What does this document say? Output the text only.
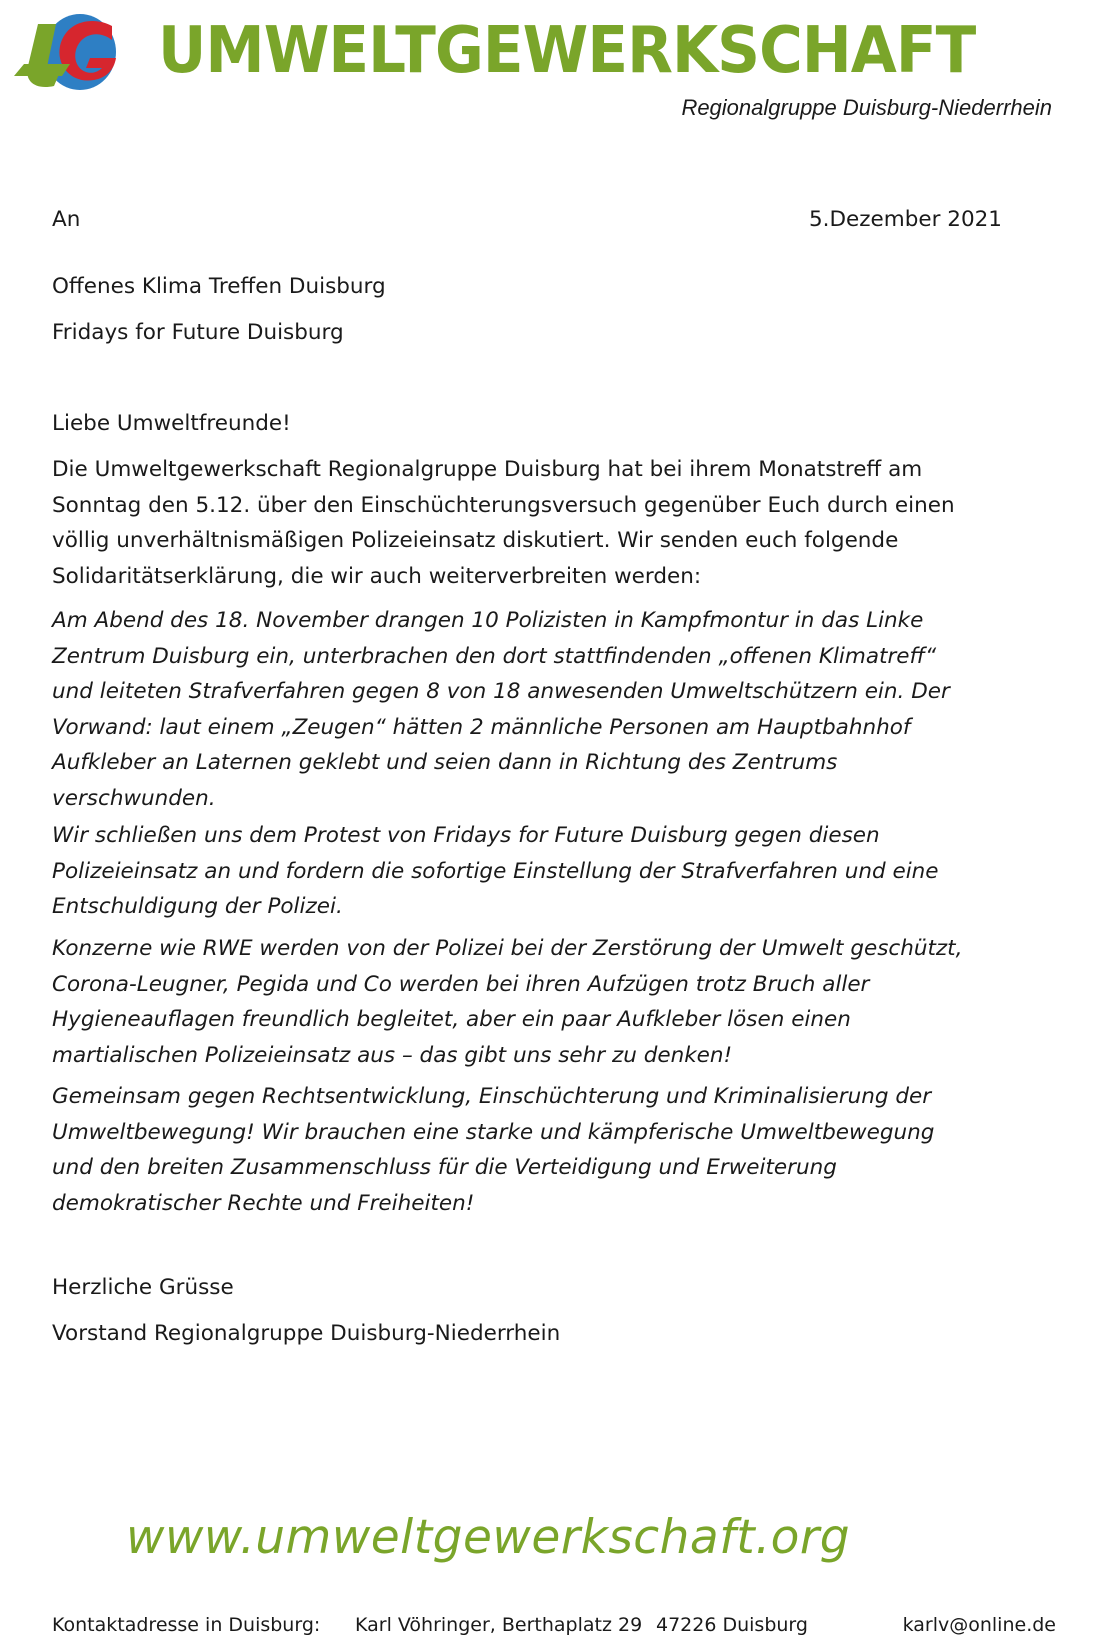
UMWELTGEWERKSCHAFT
Regionalgruppe Duisburg-Niederrhein
An	5.Dezember 2021
Offenes Klima Treffen Duisburg
Fridays for Future Duisburg
Liebe Umweltfreunde!
Die Umweltgewerkschaft Regionalgruppe Duisburg hat bei ihrem Monatstreff am
Sonntag den 5.12. über den Einschüchterungsversuch gegenüber Euch durch einen
völlig unverhältnismäßigen Polizeieinsatz diskutiert. Wir senden euch folgende
Solidaritätserklärung, die wir auch weiterverbreiten werden:
Am Abend des 18. November drangen 10 Polizisten in Kampfmontur in das Linke
Zentrum Duisburg ein, unterbrachen den dort stattfindenden „offenen Klimatreff“
und leiteten Strafverfahren gegen 8 von 18 anwesenden Umweltschützern ein. Der
Vorwand: laut einem „Zeugen“ hätten 2 männliche Personen am Hauptbahnhof
Aufkleber an Laternen geklebt und seien dann in Richtung des Zentrums
verschwunden.
Wir schließen uns dem Protest von Fridays for Future Duisburg gegen diesen
Polizeieinsatz an und fordern die sofortige Einstellung der Strafverfahren und eine
Entschuldigung der Polizei.
Konzerne wie RWE werden von der Polizei bei der Zerstörung der Umwelt geschützt,
Corona-Leugner, Pegida und Co werden bei ihren Aufzügen trotz Bruch aller
Hygieneauflagen freundlich begleitet, aber ein paar Aufkleber lösen einen
martialischen Polizeieinsatz aus – das gibt uns sehr zu denken!
Gemeinsam gegen Rechtsentwicklung, Einschüchterung und Kriminalisierung der
Umweltbewegung! Wir brauchen eine starke und kämpferische Umweltbewegung
und den breiten Zusammenschluss für die Verteidigung und Erweiterung
demokratischer Rechte und Freiheiten!
Herzliche Grüsse
Vorstand Regionalgruppe Duisburg-Niederrhein
www.umweltgewerkschaft.org
Kontaktadresse in Duisburg: Karl Vöhringer, Berthaplatz 29 47226 Duisburg	karlv@online.de
